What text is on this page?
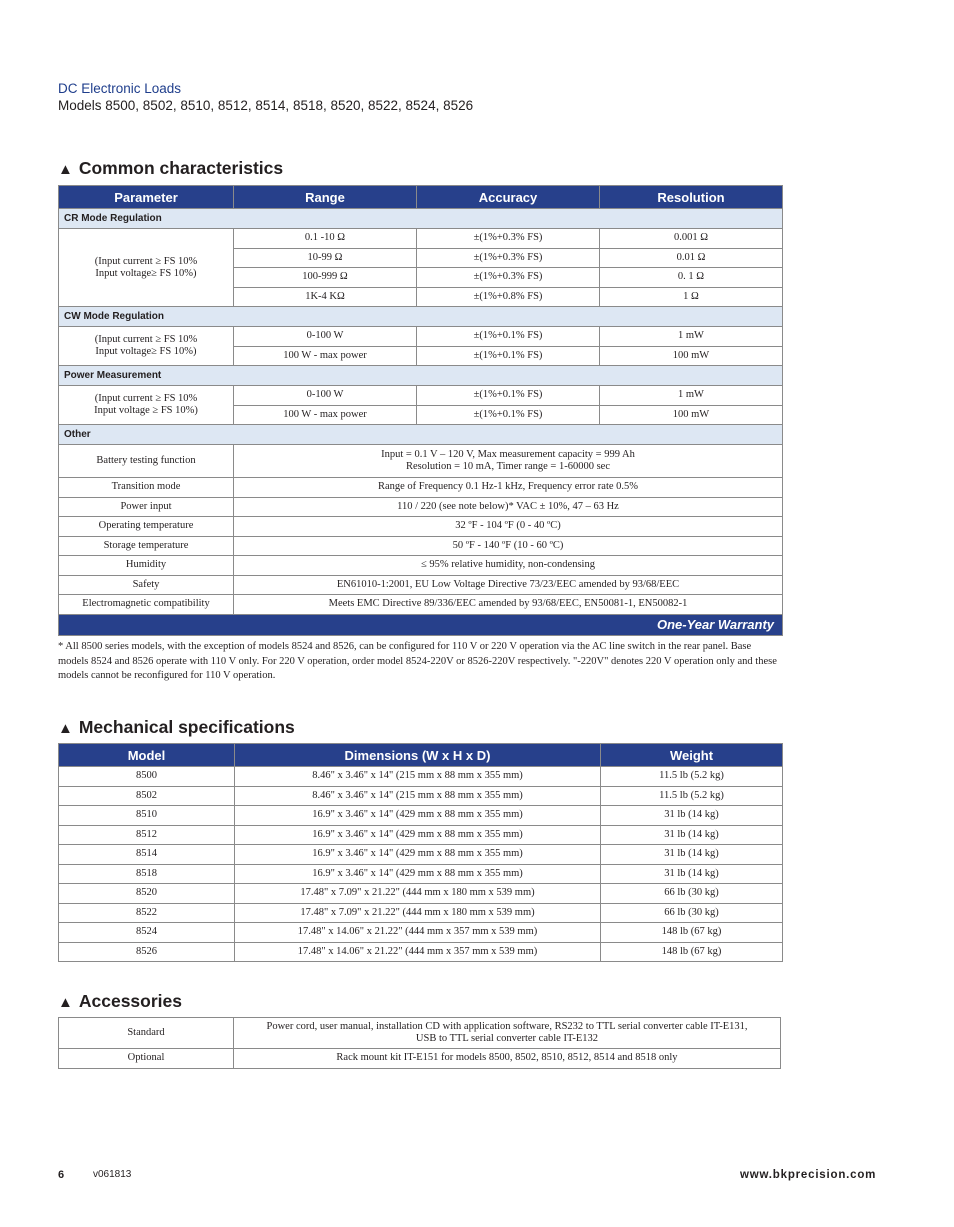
DC Electronic Loads
Models 8500, 8502, 8510, 8512, 8514, 8518, 8520, 8522, 8524, 8526
▲ Common characteristics
Parameter	Range	Accuracy	Resolution
CR Mode Regulation			
(Input current ≥ FS 10%
Input voltage≥ FS 10%)	0.1 -10 Ω	±(1%+0.3% FS)	0.001 Ω
	10-99 Ω	±(1%+0.3% FS)	0.01 Ω
	100-999 Ω	±(1%+0.3% FS)	0. 1 Ω
	1K-4 KΩ	±(1%+0.8% FS)	1 Ω
CW Mode Regulation			
(Input current ≥ FS 10%
Input voltage≥ FS 10%)	0-100 W	±(1%+0.1% FS)	1 mW
	100 W - max power	±(1%+0.1% FS)	100 mW
Power Measurement			
(Input current ≥ FS 10%
Input voltage ≥ FS 10%)	0-100 W	±(1%+0.1% FS)	1 mW
	100 W - max power	±(1%+0.1% FS)	100 mW
Other			
Battery testing function	Input = 0.1 V – 120 V, Max measurement capacity = 999 Ah
Resolution = 10 mA, Timer range = 1-60000 sec		
Transition mode	Range of Frequency 0.1 Hz-1 kHz, Frequency error rate 0.5%		
Power input	110 / 220 (see note below)* VAC ± 10%, 47 – 63 Hz		
Operating temperature	32 ºF - 104 ºF (0 - 40 ºC)		
Storage temperature	50 ºF - 140 ºF (10 - 60 ºC)		
Humidity	≤ 95% relative humidity, non-condensing		
Safety	EN61010-1:2001, EU Low Voltage Directive 73/23/EEC amended by 93/68/EEC		
Electromagnetic compatibility	Meets EMC Directive 89/336/EEC amended by 93/68/EEC, EN50081-1, EN50082-1		
One-Year Warranty			
* All 8500 series models, with the exception of models 8524 and 8526, can be configured for 110 V or 220 V operation via the AC line switch in the rear panel. Base models 8524 and 8526 operate with 110 V only. For 220 V operation, order model 8524-220V or 8526-220V respectively. "-220V" denotes 220 V operation only and these models cannot be reconfigured for 110 V operation.
▲ Mechanical specifications
Model	Dimensions (W x H x D)	Weight
8500	8.46" x 3.46" x 14" (215 mm x 88 mm x 355 mm)	11.5 lb (5.2 kg)
8502	8.46" x 3.46" x 14" (215 mm x 88 mm x 355 mm)	11.5 lb (5.2 kg)
8510	16.9" x 3.46" x 14" (429 mm x 88 mm x 355 mm)	31 lb (14 kg)
8512	16.9" x 3.46" x 14" (429 mm x 88 mm x 355 mm)	31 lb (14 kg)
8514	16.9" x 3.46" x 14" (429 mm x 88 mm x 355 mm)	31 lb (14 kg)
8518	16.9" x 3.46" x 14" (429 mm x 88 mm x 355 mm)	31 lb (14 kg)
8520	17.48" x 7.09" x 21.22" (444 mm x 180 mm x 539 mm)	66 lb (30 kg)
8522	17.48" x 7.09" x 21.22" (444 mm x 180 mm x 539 mm)	66 lb (30 kg)
8524	17.48" x 14.06" x 21.22" (444 mm x 357 mm x 539 mm)	148 lb (67 kg)
8526	17.48" x 14.06" x 21.22" (444 mm x 357 mm x 539 mm)	148 lb (67 kg)
▲ Accessories
Standard	Power cord, user manual, installation CD with application software, RS232 to TTL serial converter cable IT-E131,
USB to TTL serial converter cable IT-E132
Optional	Rack mount kit IT-E151 for models 8500, 8502, 8510, 8512, 8514 and 8518 only
6	v061813	www.bkprecision.com
